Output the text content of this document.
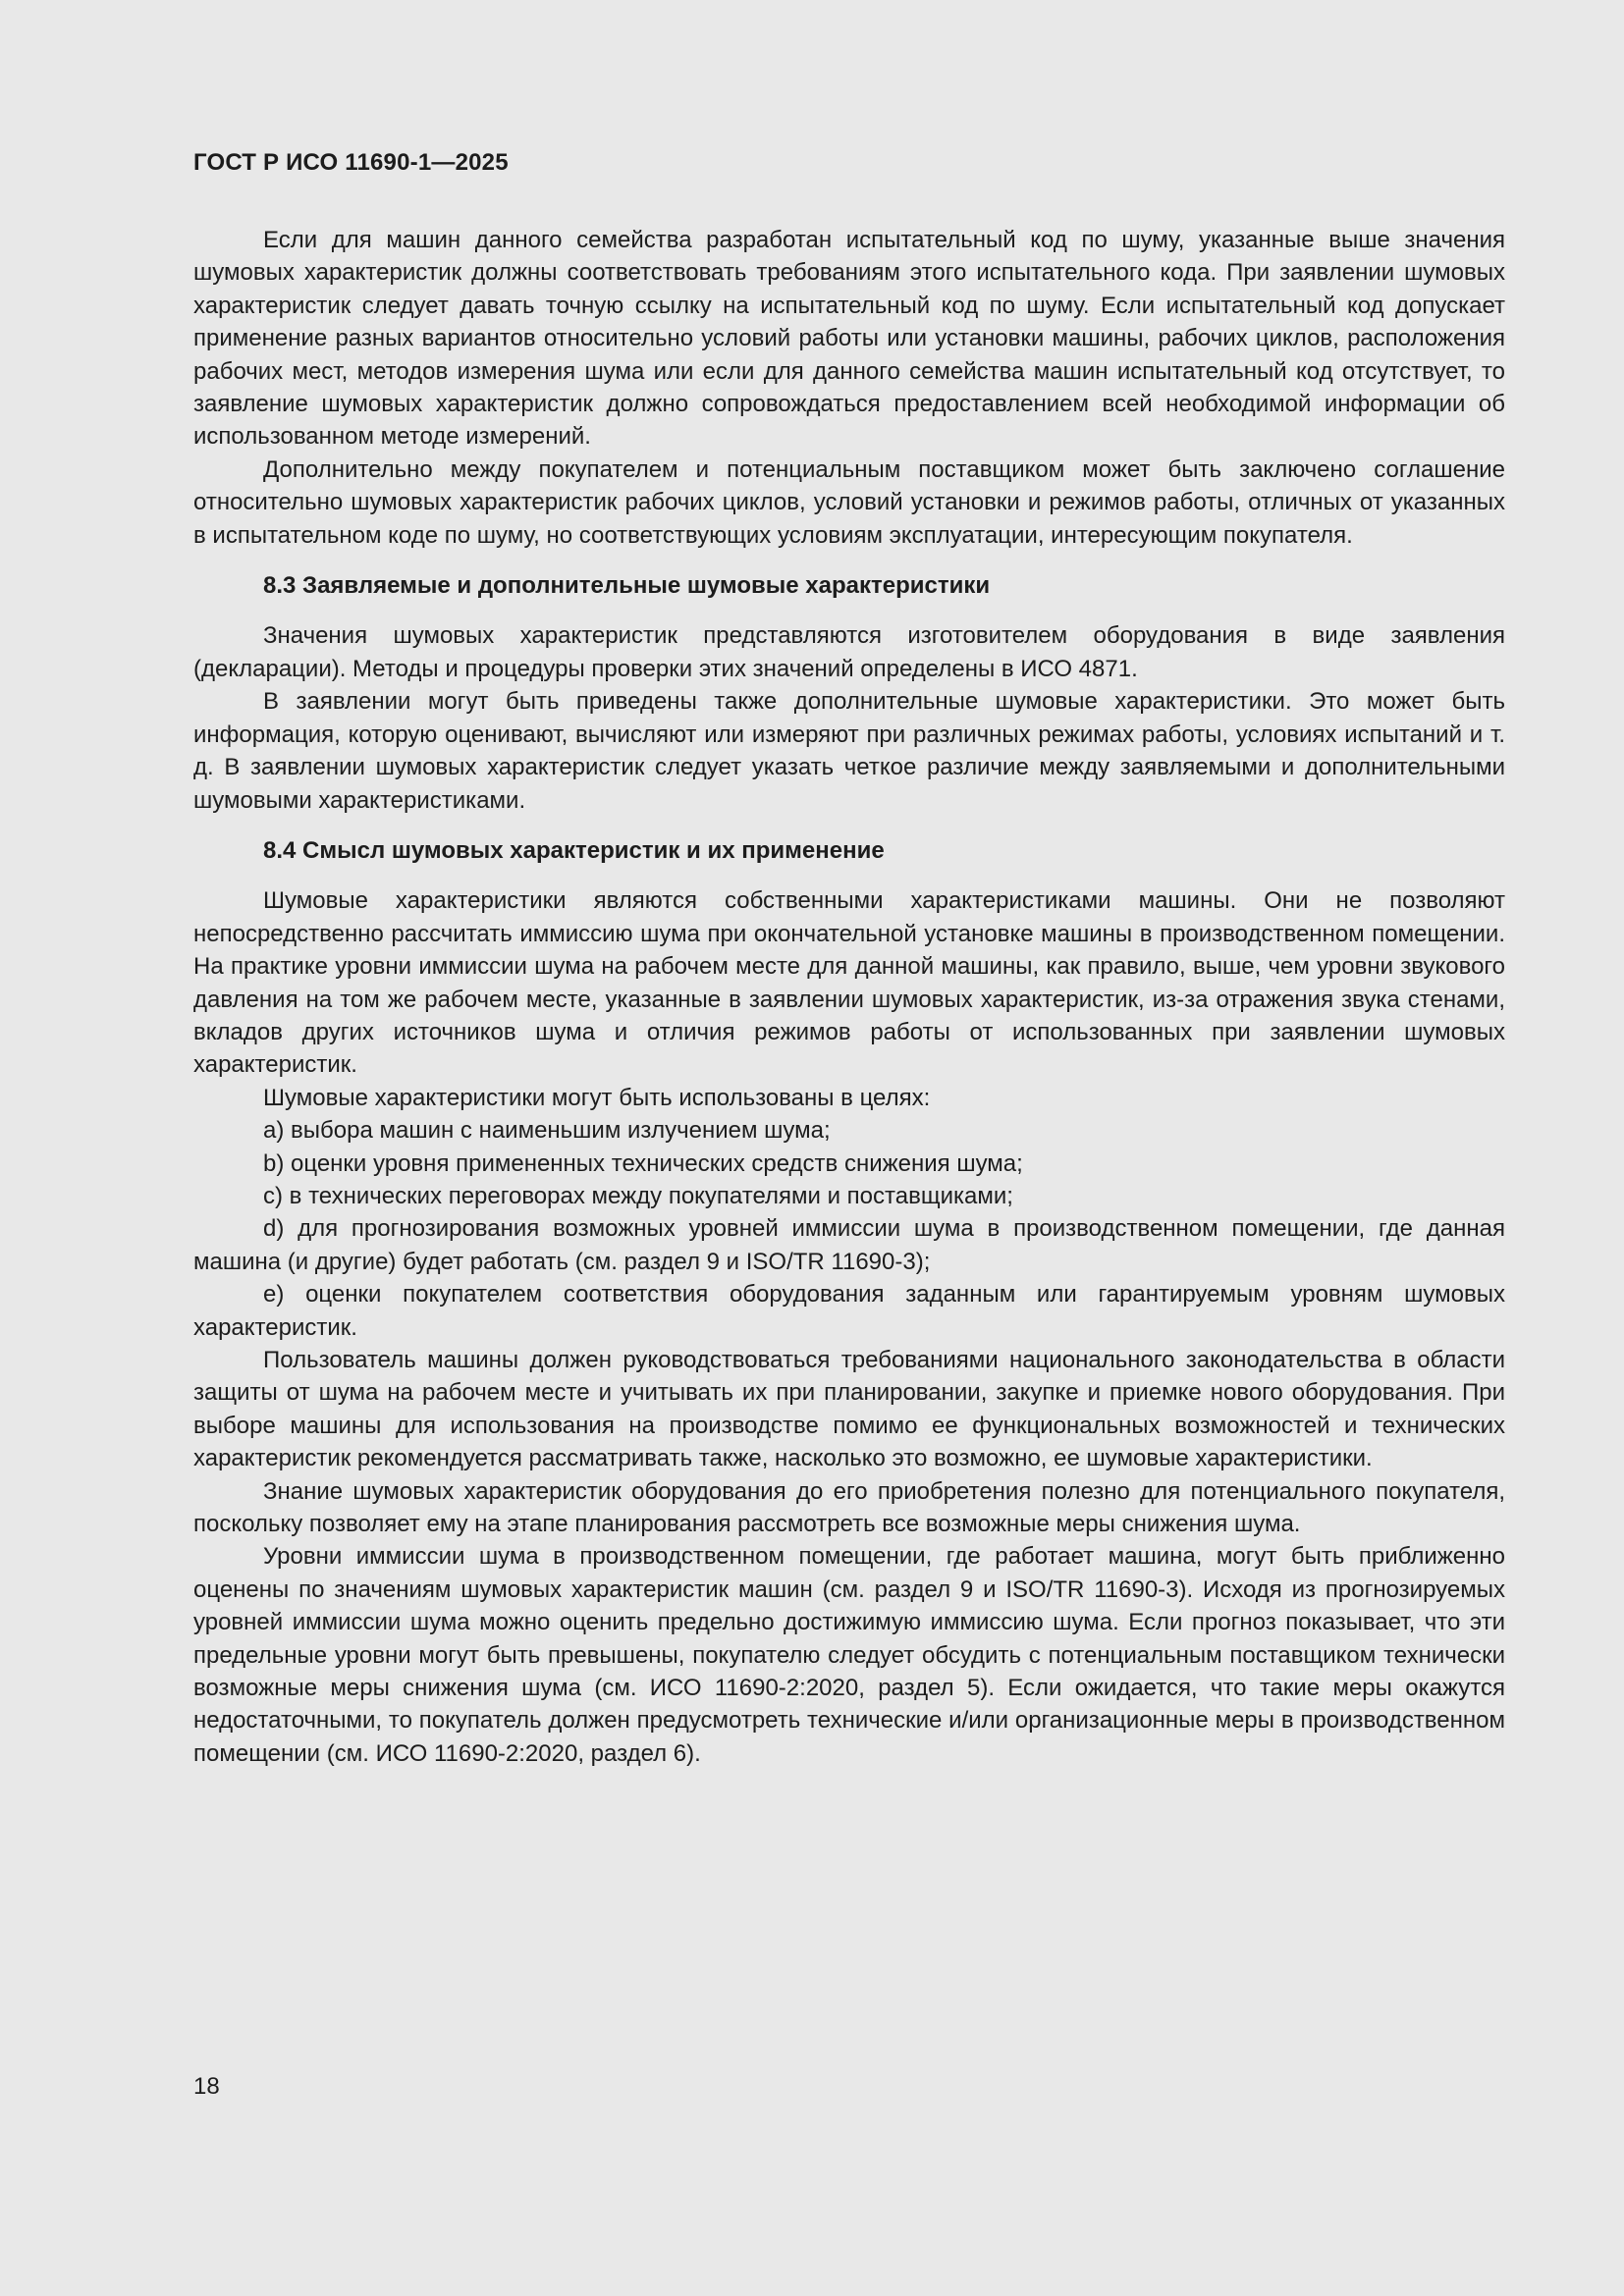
ГОСТ Р ИСО 11690-1—2025

Если для машин данного семейства разработан испытательный код по шуму, указанные выше значения шумовых характеристик должны соответствовать требованиям этого испытательного кода. При заявлении шумовых характеристик следует давать точную ссылку на испытательный код по шуму. Если испытательный код допускает применение разных вариантов относительно условий работы или установки машины, рабочих циклов, расположения рабочих мест, методов измерения шума или если для данного семейства машин испытательный код отсутствует, то заявление шумовых характеристик должно сопровождаться предоставлением всей необходимой информации об использованном методе измерений.

Дополнительно между покупателем и потенциальным поставщиком может быть заключено соглашение относительно шумовых характеристик рабочих циклов, условий установки и режимов работы, отличных от указанных в испытательном коде по шуму, но соответствующих условиям эксплуатации, интересующим покупателя.

8.3 Заявляемые и дополнительные шумовые характеристики

Значения шумовых характеристик представляются изготовителем оборудования в виде заявления (декларации). Методы и процедуры проверки этих значений определены в ИСО 4871.

В заявлении могут быть приведены также дополнительные шумовые характеристики. Это может быть информация, которую оценивают, вычисляют или измеряют при различных режимах работы, условиях испытаний и т. д. В заявлении шумовых характеристик следует указать четкое различие между заявляемыми и дополнительными шумовыми характеристиками.

8.4 Смысл шумовых характеристик и их применение

Шумовые характеристики являются собственными характеристиками машины. Они не позволяют непосредственно рассчитать иммиссию шума при окончательной установке машины в производственном помещении. На практике уровни иммиссии шума на рабочем месте для данной машины, как правило, выше, чем уровни звукового давления на том же рабочем месте, указанные в заявлении шумовых характеристик, из-за отражения звука стенами, вкладов других источников шума и отличия режимов работы от использованных при заявлении шумовых характеристик.

Шумовые характеристики могут быть использованы в целях:

a) выбора машин с наименьшим излучением шума;

b) оценки уровня примененных технических средств снижения шума;

c) в технических переговорах между покупателями и поставщиками;

d) для прогнозирования возможных уровней иммиссии шума в производственном помещении, где данная машина (и другие) будет работать (см. раздел 9 и ISO/TR 11690-3);

e) оценки покупателем соответствия оборудования заданным или гарантируемым уровням шумовых характеристик.

Пользователь машины должен руководствоваться требованиями национального законодательства в области защиты от шума на рабочем месте и учитывать их при планировании, закупке и приемке нового оборудования. При выборе машины для использования на производстве помимо ее функциональных возможностей и технических характеристик рекомендуется рассматривать также, насколько это возможно, ее шумовые характеристики.

Знание шумовых характеристик оборудования до его приобретения полезно для потенциального покупателя, поскольку позволяет ему на этапе планирования рассмотреть все возможные меры снижения шума.

Уровни иммиссии шума в производственном помещении, где работает машина, могут быть приближенно оценены по значениям шумовых характеристик машин (см. раздел 9 и ISO/TR 11690-3). Исходя из прогнозируемых уровней иммиссии шума можно оценить предельно достижимую иммиссию шума. Если прогноз показывает, что эти предельные уровни могут быть превышены, покупателю следует обсудить с потенциальным поставщиком технически возможные меры снижения шума (см. ИСО 11690-2:2020, раздел 5). Если ожидается, что такие меры окажутся недостаточными, то покупатель должен предусмотреть технические и/или организационные меры в производственном помещении (см. ИСО 11690-2:2020, раздел 6).

18
